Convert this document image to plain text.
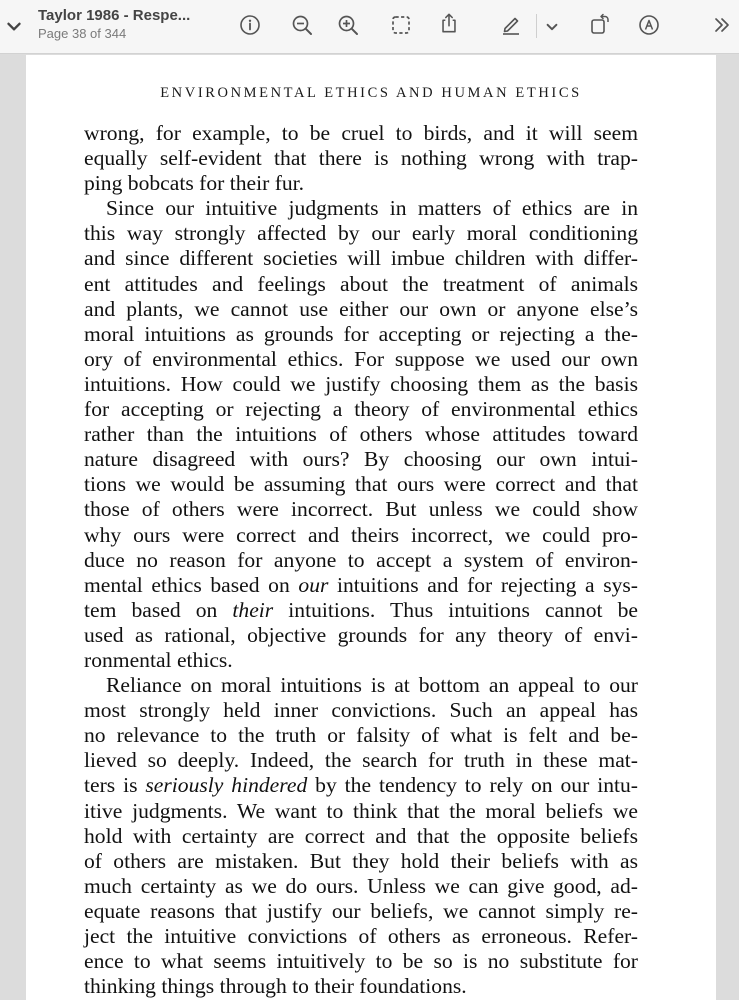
Taylor 1986 - Respe...
Page 38 of 344
ENVIRONMENTAL ETHICS AND HUMAN ETHICS
wrong, for example, to be cruel to birds, and it will seem
equally self-evident that there is nothing wrong with trap-
ping bobcats for their fur.
Since our intuitive judgments in matters of ethics are in
this way strongly affected by our early moral conditioning
and since different societies will imbue children with differ-
ent attitudes and feelings about the treatment of animals
and plants, we cannot use either our own or anyone else’s
moral intuitions as grounds for accepting or rejecting a the-
ory of environmental ethics. For suppose we used our own
intuitions. How could we justify choosing them as the basis
for accepting or rejecting a theory of environmental ethics
rather than the intuitions of others whose attitudes toward
nature disagreed with ours? By choosing our own intui-
tions we would be assuming that ours were correct and that
those of others were incorrect. But unless we could show
why ours were correct and theirs incorrect, we could pro-
duce no reason for anyone to accept a system of environ-
mental ethics based on our intuitions and for rejecting a sys-
tem based on their intuitions. Thus intuitions cannot be
used as rational, objective grounds for any theory of envi-
ronmental ethics.
Reliance on moral intuitions is at bottom an appeal to our
most strongly held inner convictions. Such an appeal has
no relevance to the truth or falsity of what is felt and be-
lieved so deeply. Indeed, the search for truth in these mat-
ters is seriously hindered by the tendency to rely on our intu-
itive judgments. We want to think that the moral beliefs we
hold with certainty are correct and that the opposite beliefs
of others are mistaken. But they hold their beliefs with as
much certainty as we do ours. Unless we can give good, ad-
equate reasons that justify our beliefs, we cannot simply re-
ject the intuitive convictions of others as erroneous. Refer-
ence to what seems intuitively to be so is no substitute for
thinking things through to their foundations.
